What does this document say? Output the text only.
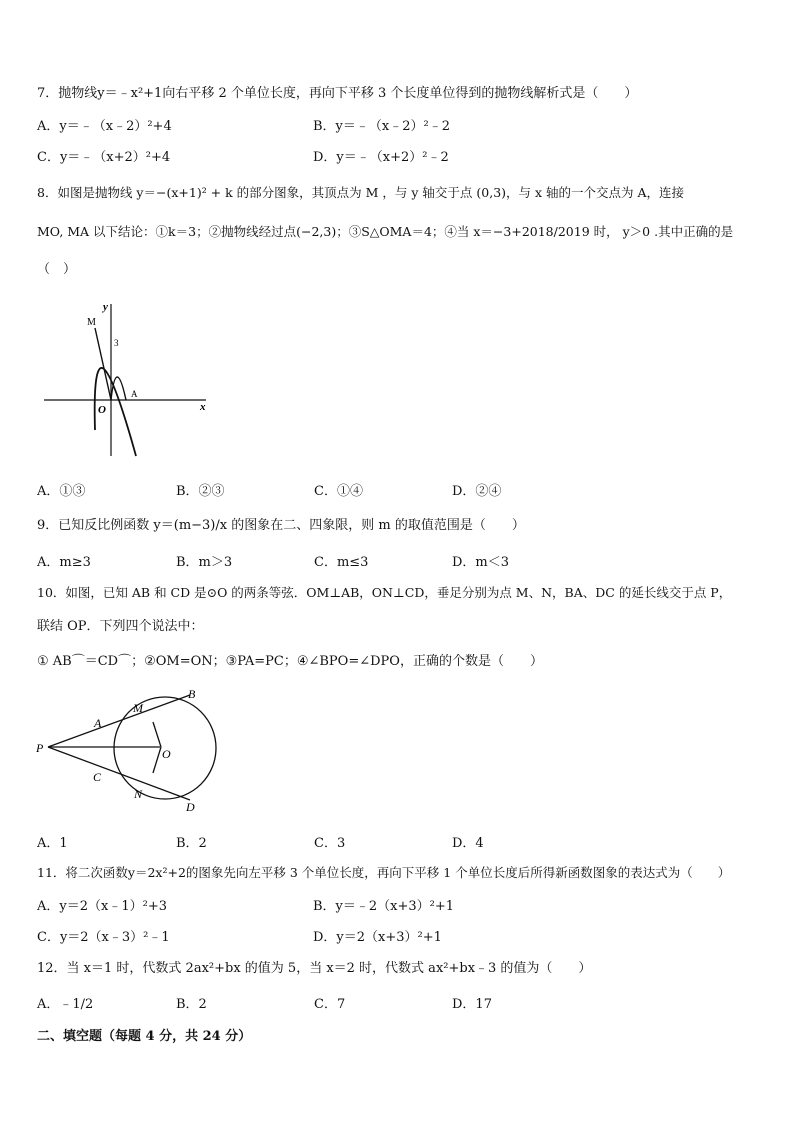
7．抛物线y＝﹣x²+1向右平移 2 个单位长度，再向下平移 3 个长度单位得到的抛物线解析式是（　　）
A．y＝﹣（x﹣2）²+4	B．y＝﹣（x﹣2）²﹣2
C．y＝﹣（x+2）²+4	D．y＝﹣（x+2）²﹣2
8．如图是抛物线 y＝−(x+1)² + k 的部分图象，其顶点为 M ，与 y 轴交于点 (0,3)，与 x 轴的一个交点为 A，连接
MO, MA 以下结论：①k＝3；②抛物线经过点(−2,3)；③S△OMA＝4；④当 x＝−3+2018/2019 时， y＞0 .其中正确的是
（　）
y
x
M
3
A
O
A．①③	B．②③	C．①④	D．②④
9．已知反比例函数 y＝(m−3)/x 的图象在二、四象限，则 m 的取值范围是（　　）
A．m≥3	B．m＞3	C．m≤3	D．m＜3
10．如图，已知 AB 和 CD 是⊙O 的两条等弦．OM⊥AB，ON⊥CD，垂足分别为点 M、N，BA、DC 的延长线交于点 P，
联结 OP．下列四个说法中：
① AB⌒＝CD⌒；②OM=ON；③PA=PC；④∠BPO=∠DPO，正确的个数是（　　）
P
A
M
B
O
C
N
D
A．1	B．2	C．3	D．4
11．将二次函数y＝2x²+2的图象先向左平移 3 个单位长度，再向下平移 1 个单位长度后所得新函数图象的表达式为（　　）
A．y＝2（x﹣1）²+3	B．y＝﹣2（x+3）²+1
C．y＝2（x﹣3）²﹣1	D．y＝2（x+3）²+1
12．当 x＝1 时，代数式 2ax²+bx 的值为 5，当 x＝2 时，代数式 ax²+bx﹣3 的值为（　　）
A．﹣1/2	B．2	C．7	D．17
二、填空题（每题 4 分，共 24 分）
